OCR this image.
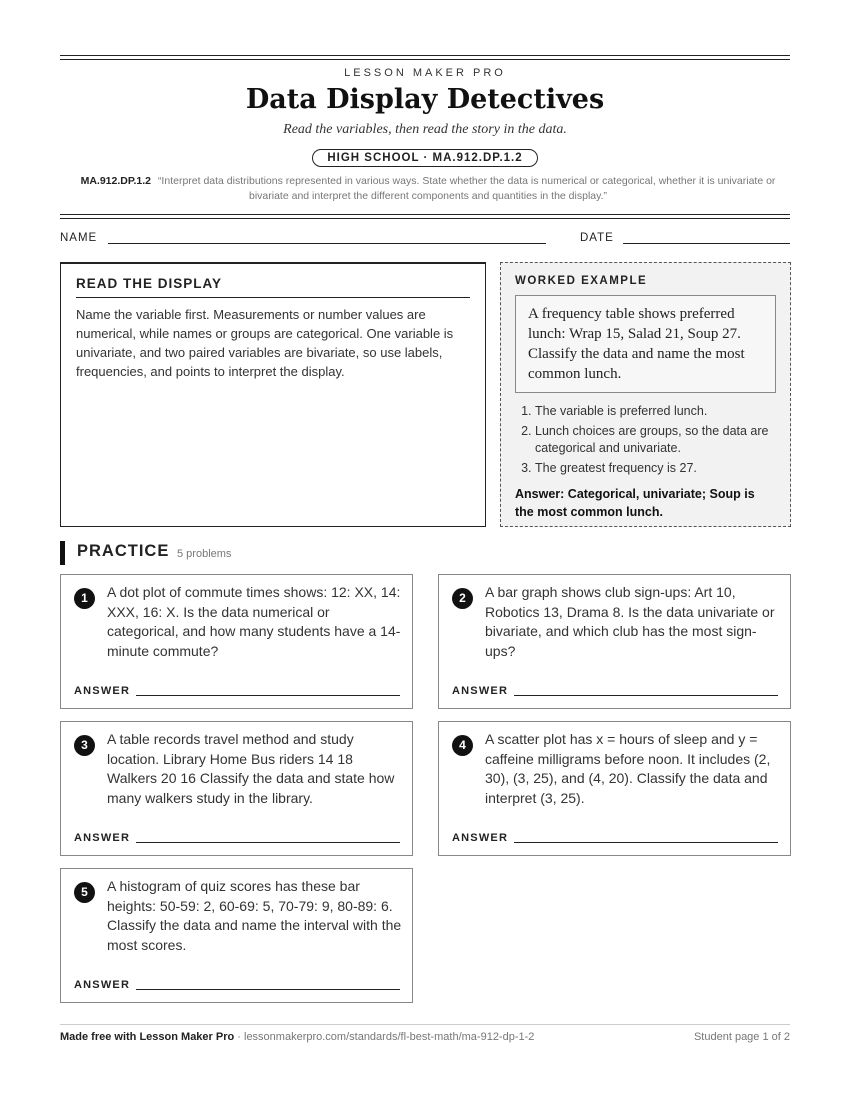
LESSON MAKER PRO
Data Display Detectives
Read the variables, then read the story in the data.
HIGH SCHOOL · MA.912.DP.1.2
MA.912.DP.1.2 “Interpret data distributions represented in various ways. State whether the data is numerical or categorical, whether it is univariate or bivariate and interpret the different components and quantities in the display.”
NAME	DATE
READ THE DISPLAY

Name the variable first. Measurements or number values are numerical, while names or groups are categorical. One variable is univariate, and two paired variables are bivariate, so use labels, frequencies, and points to interpret the display.

WORKED EXAMPLE
A frequency table shows preferred lunch: Wrap 15, Salad 21, Soup 27. Classify the data and name the most common lunch.
1. The variable is preferred lunch.
2. Lunch choices are groups, so the data are categorical and univariate.
3. The greatest frequency is 27.
Answer: Categorical, univariate; Soup is the most common lunch.
PRACTICE 5 problems
1	A dot plot of commute times shows: 12: XX, 14: XXX, 16: X. Is the data numerical or categorical, and how many students have a 14-minute commute?
ANSWER
2	A bar graph shows club sign-ups: Art 10, Robotics 13, Drama 8. Is the data univariate or bivariate, and which club has the most sign-ups?
ANSWER
3	A table records travel method and study location. Library Home Bus riders 14 18 Walkers 20 16 Classify the data and state how many walkers study in the library.
ANSWER
4	A scatter plot has x = hours of sleep and y = caffeine milligrams before noon. It includes (2, 30), (3, 25), and (4, 20). Classify the data and interpret (3, 25).
ANSWER
5	A histogram of quiz scores has these bar heights: 50-59: 2, 60-69: 5, 70-79: 9, 80-89: 6. Classify the data and name the interval with the most scores.
ANSWER
Made free with Lesson Maker Pro · lessonmakerpro.com/standards/fl-best-math/ma-912-dp-1-2	Student page 1 of 2
